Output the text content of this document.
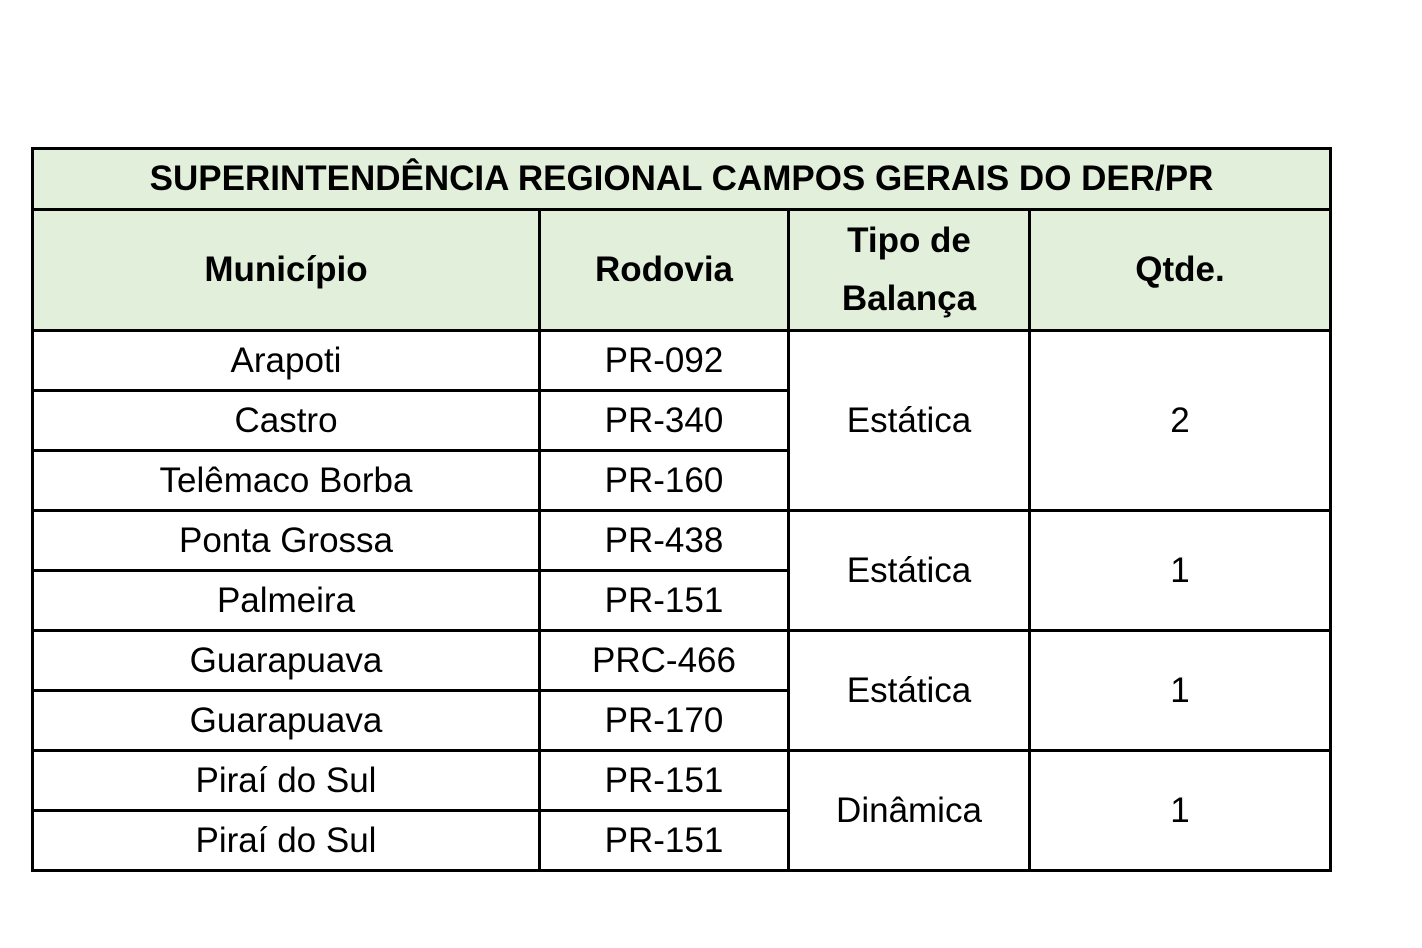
SUPERINTENDÊNCIA REGIONAL CAMPOS GERAIS DO DER/PR			
Município	Rodovia	Tipo de Balança	Qtde.
Arapoti	PR-092	Estática	2
Castro	PR-340		
Telêmaco Borba	PR-160		
Ponta Grossa	PR-438	Estática	1
Palmeira	PR-151		
Guarapuava	PRC-466	Estática	1
Guarapuava	PR-170		
Piraí do Sul	PR-151	Dinâmica	1
Piraí do Sul	PR-151		
